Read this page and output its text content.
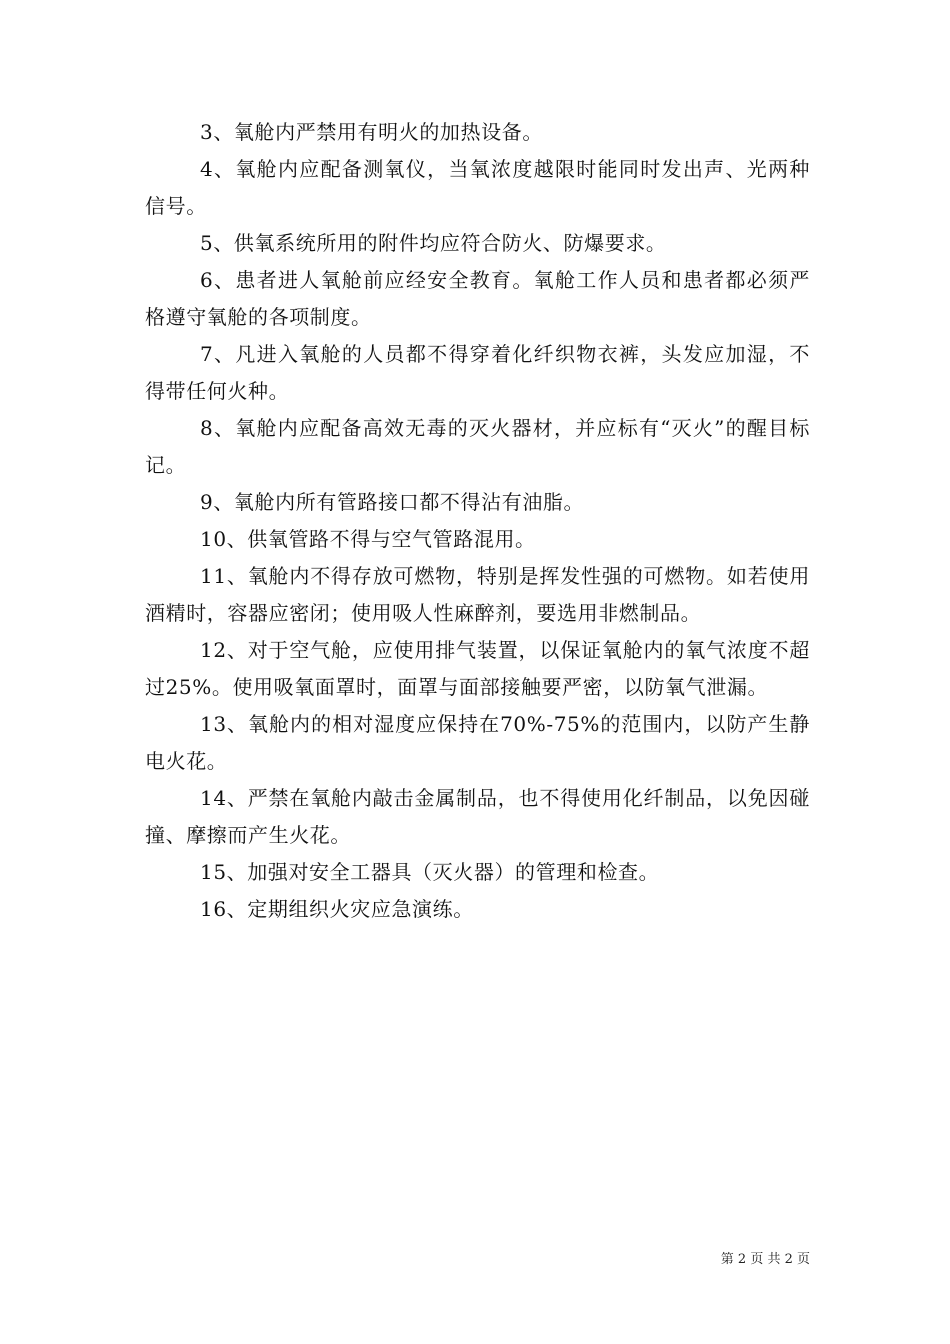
3、氧舱内严禁用有明火的加热设备。

4、氧舱内应配备测氧仪，当氧浓度越限时能同时发出声、光两种信号。

5、供氧系统所用的附件均应符合防火、防爆要求。

6、患者进人氧舱前应经安全教育。氧舱工作人员和患者都必须严格遵守氧舱的各项制度。

7、凡进入氧舱的人员都不得穿着化纤织物衣裤，头发应加湿，不得带任何火种。

8、氧舱内应配备高效无毒的灭火器材，并应标有“灭火”的醒目标记。

9、氧舱内所有管路接口都不得沾有油脂。

10、供氧管路不得与空气管路混用。

11、氧舱内不得存放可燃物，特别是挥发性强的可燃物。如若使用酒精时，容器应密闭；使用吸人性麻醉剂，要选用非燃制品。

12、对于空气舱，应使用排气装置，以保证氧舱内的氧气浓度不超过25%。使用吸氧面罩时，面罩与面部接触要严密，以防氧气泄漏。

13、氧舱内的相对湿度应保持在70%-75%的范围内，以防产生静电火花。

14、严禁在氧舱内敲击金属制品，也不得使用化纤制品，以免因碰撞、摩擦而产生火花。

15、加强对安全工器具（灭火器）的管理和检查。

16、定期组织火灾应急演练。

第 2 页 共 2 页
